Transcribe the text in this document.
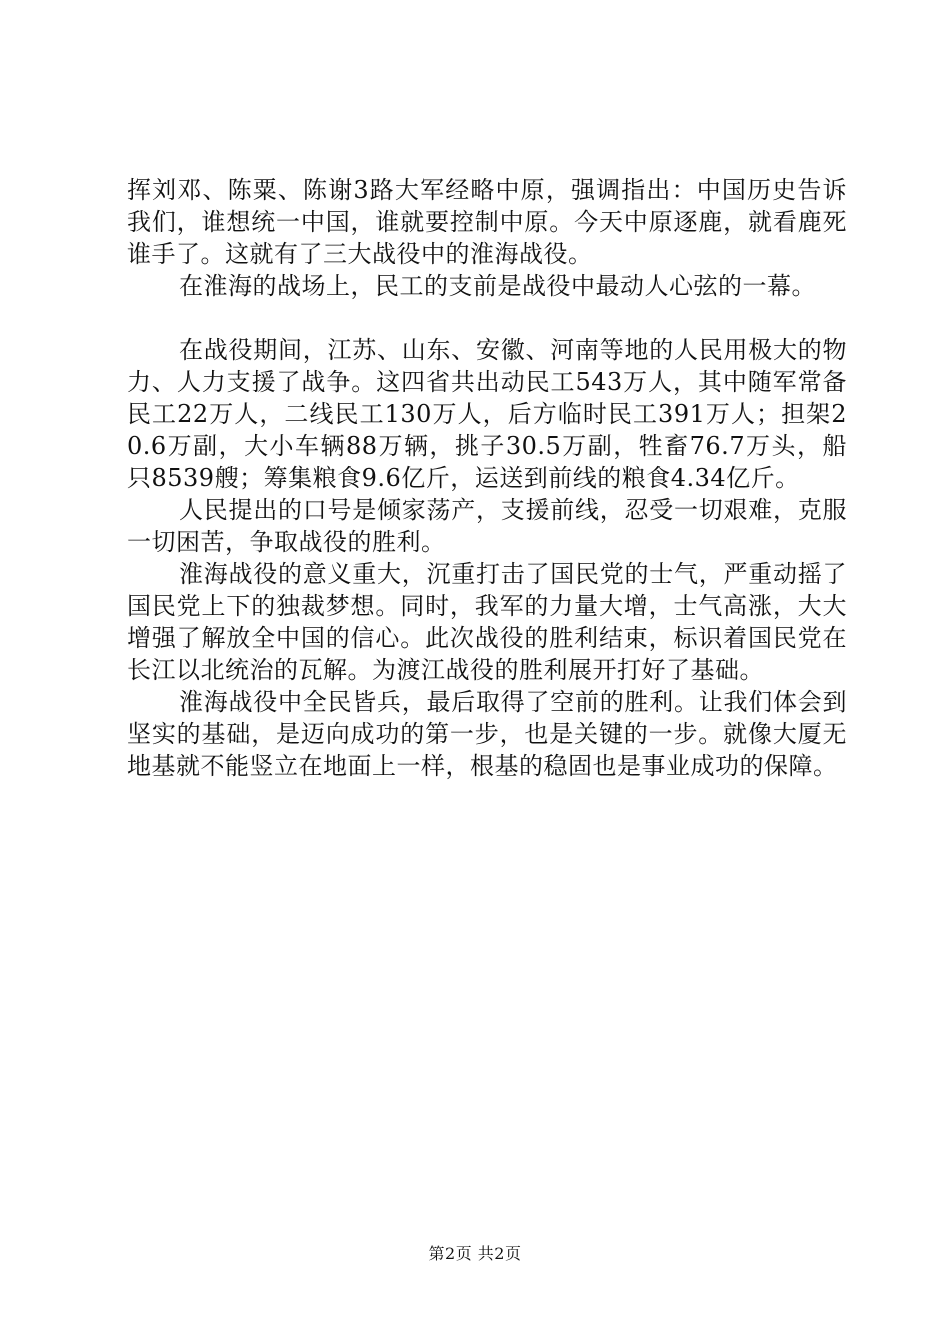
挥刘邓、陈粟、陈谢3路大军经略中原，强调指出：中国历史告诉我们，谁想统一中国，谁就要控制中原。今天中原逐鹿，就看鹿死谁手了。这就有了三大战役中的淮海战役。

在淮海的战场上，民工的支前是战役中最动人心弦的一幕。

在战役期间，江苏、山东、安徽、河南等地的人民用极大的物力、人力支援了战争。这四省共出动民工543万人，其中随军常备民工22万人，二线民工130万人，后方临时民工391万人；担架20.6万副，大小车辆88万辆，挑子30.5万副，牲畜76.7万头，船只8539艘；筹集粮食9.6亿斤，运送到前线的粮食4.34亿斤。

人民提出的口号是倾家荡产，支援前线，忍受一切艰难，克服一切困苦，争取战役的胜利。

淮海战役的意义重大，沉重打击了国民党的士气，严重动摇了国民党上下的独裁梦想。同时，我军的力量大增，士气高涨，大大增强了解放全中国的信心。此次战役的胜利结束，标识着国民党在长江以北统治的瓦解。为渡江战役的胜利展开打好了基础。

淮海战役中全民皆兵，最后取得了空前的胜利。让我们体会到坚实的基础，是迈向成功的第一步，也是关键的一步。就像大厦无地基就不能竖立在地面上一样，根基的稳固也是事业成功的保障。

第2页 共2页
